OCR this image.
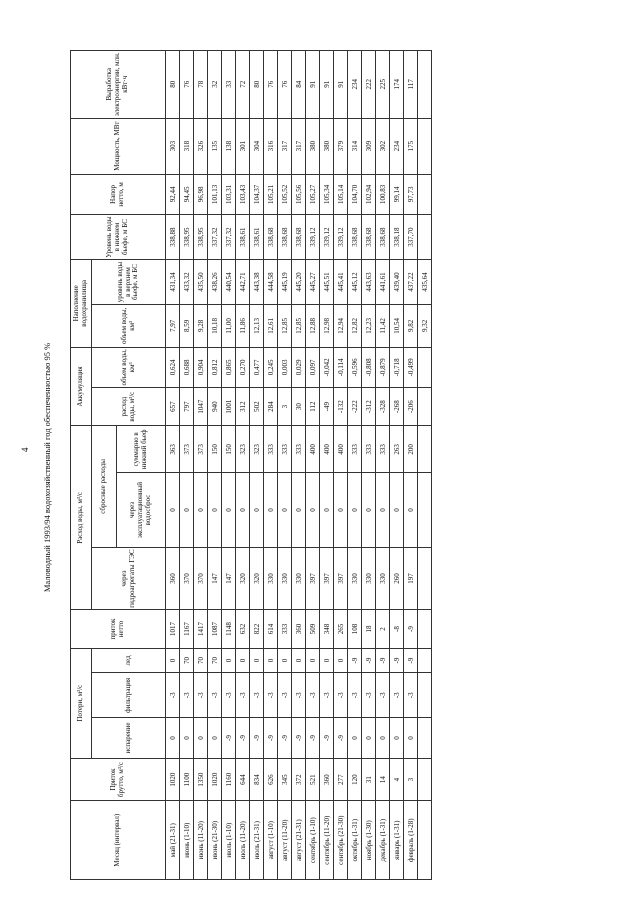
4 Маловодный 1993/94 водохозяйственный год обеспеченностью 95 %
Месяц (интервал)	Приток брутто, м³/с	Потери, м³/с			приток нетто	Расход воды, м³/с			Аккумуляция		Наполнение водохранилища		Уровень воды в нижнем бьефе, м БС	Напор нетто, м	Мощность, МВт	Выработка электроэнергии, млн. кВт·ч
		испарение	фильтрация	лед		через гидроагрегаты ГЭС	сбросные расходы		расход воды, м³/с	объем воды, км³	объем воды, км³	уровень воды в верхнем бьефе, м БС				
							через эксплуатационный водосброс	суммарно в нижний бьеф								
май (21-31)	1020	0	-3	0	1017	360	0	363	657	0,624	7,97	431,34	338,88	92,44	303	80
июнь (1-10)	1100	0	-3	70	1167	370	0	373	797	0,688	8,59	433,32	338,95	94,45	318	76
июнь (11-20)	1350	0	-3	70	1417	370	0	373	1047	0,904	9,28	435,50	338,95	96,98	326	78
июнь (21-30)	1020	0	-3	70	1087	147	0	150	940	0,812	10,18	438,26	337,32	101,13	135	32
июль (1-10)	1160	-9	-3	0	1148	147	0	150	1001	0,865	11,00	440,54	337,32	103,31	138	33
июль (11-20)	644	-9	-3	0	632	320	0	323	312	0,270	11,86	442,71	338,61	103,43	301	72
июль (21-31)	834	-9	-3	0	822	320	0	323	502	0,477	12,13	443,38	338,61	104,37	304	80
август (1-10)	626	-9	-3	0	614	330	0	333	284	0,245	12,61	444,58	338,68	105,21	316	76
август (11-20)	345	-9	-3	0	333	330	0	333	3	0,003	12,85	445,19	338,68	105,52	317	76
август (21-31)	372	-9	-3	0	360	330	0	333	30	0,029	12,85	445,20	338,68	105,56	317	84
сентябрь (1-10)	521	-9	-3	0	509	397	0	400	112	0,097	12,88	445,27	339,12	105,27	380	91
сентябрь (11-20)	360	-9	-3	0	348	397	0	400	-49	-0,042	12,98	445,51	339,12	105,34	380	91
сентябрь (21-30)	277	-9	-3	0	265	397	0	400	-132	-0,114	12,94	445,41	339,12	105,14	379	91
октябрь (1-31)	120	0	-3	-9	108	330	0	333	-222	-0,596	12,82	445,12	338,68	104,70	314	234
ноябрь (1-30)	31	0	-3	-9	18	330	0	333	-312	-0,808	12,23	443,63	338,68	102,94	309	222
декабрь (1-31)	14	0	-3	-9	2	330	0	333	-328	-0,879	11,42	441,61	338,68	100,83	302	225
январь (1-31)	4	0	-3	-9	-8	260	0	263	-268	-0,718	10,54	439,40	338,18	99,14	234	174
февраль (1-28)	3	0	-3	-9	-9	197	0	200	-206	-0,499	9,82	437,22	337,70	97,73	175	117
											9,32	435,64				
